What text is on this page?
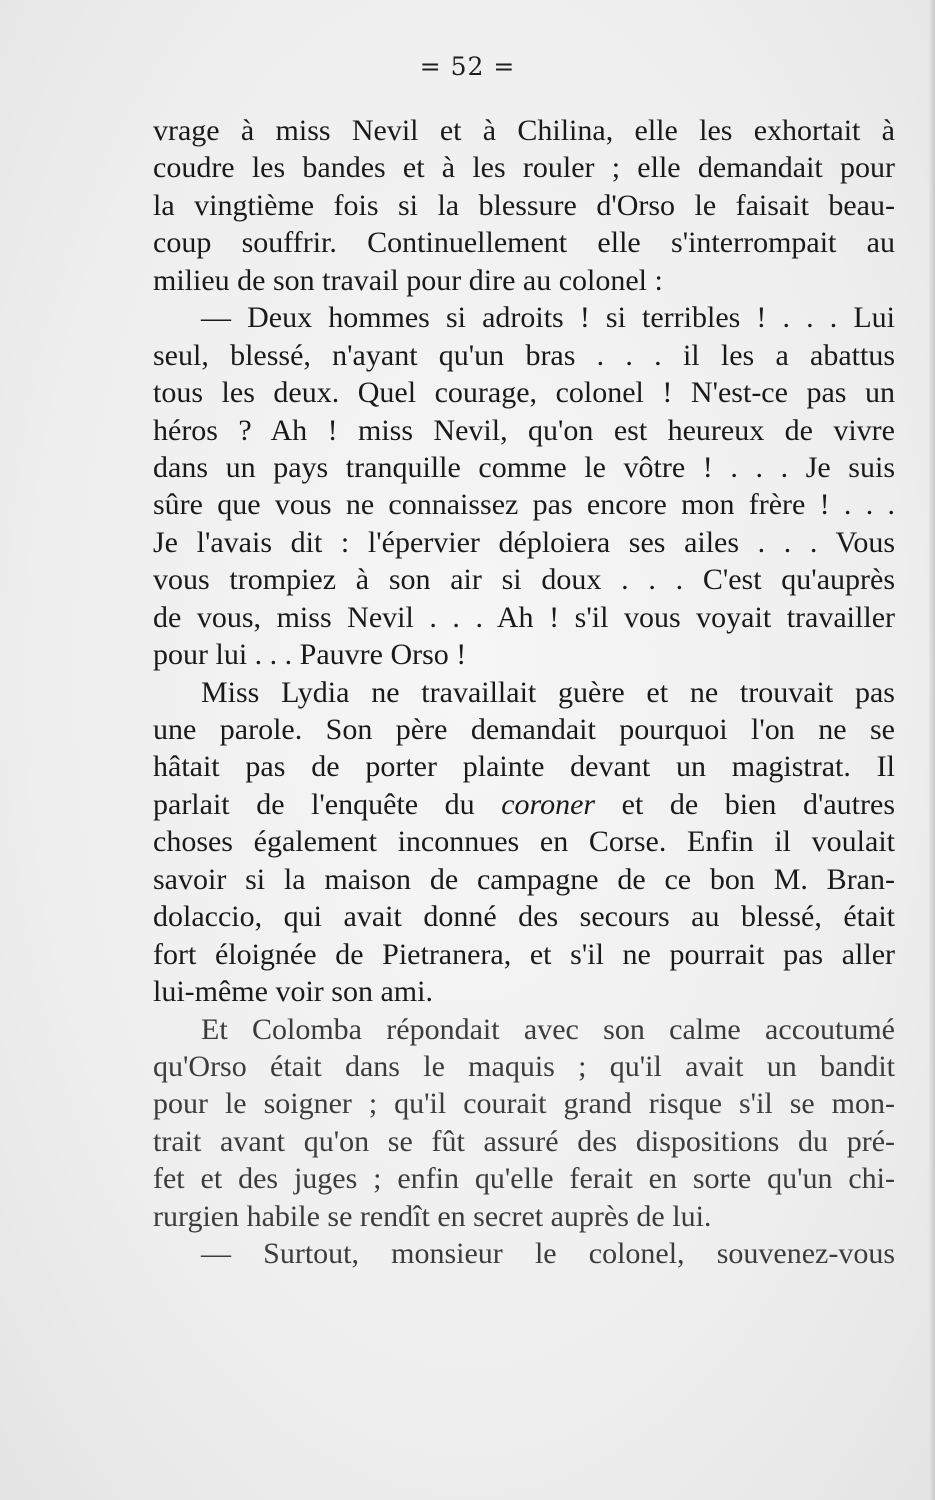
= 52 =
vrage à miss Nevil et à Chilina, elle les exhortait à
coudre les bandes et à les rouler ; elle demandait pour
la vingtième fois si la blessure d'Orso le faisait beau-
coup souffrir. Continuellement elle s'interrompait au
milieu de son travail pour dire au colonel :
— Deux hommes si adroits ! si terribles ! . . . Lui
seul, blessé, n'ayant qu'un bras . . . il les a abattus
tous les deux. Quel courage, colonel ! N'est-ce pas un
héros ? Ah ! miss Nevil, qu'on est heureux de vivre
dans un pays tranquille comme le vôtre ! . . . Je suis
sûre que vous ne connaissez pas encore mon frère ! . . .
Je l'avais dit : l'épervier déploiera ses ailes . . . Vous
vous trompiez à son air si doux . . . C'est qu'auprès
de vous, miss Nevil . . . Ah ! s'il vous voyait travailler
pour lui . . . Pauvre Orso !
Miss Lydia ne travaillait guère et ne trouvait pas
une parole. Son père demandait pourquoi l'on ne se
hâtait pas de porter plainte devant un magistrat. Il
parlait de l'enquête du coroner et de bien d'autres
choses également inconnues en Corse. Enfin il voulait
savoir si la maison de campagne de ce bon M. Bran-
dolaccio, qui avait donné des secours au blessé, était
fort éloignée de Pietranera, et s'il ne pourrait pas aller
lui-même voir son ami.
Et Colomba répondait avec son calme accoutumé
qu'Orso était dans le maquis ; qu'il avait un bandit
pour le soigner ; qu'il courait grand risque s'il se mon-
trait avant qu'on se fût assuré des dispositions du pré-
fet et des juges ; enfin qu'elle ferait en sorte qu'un chi-
rurgien habile se rendît en secret auprès de lui.
— Surtout, monsieur le colonel, souvenez-vous
